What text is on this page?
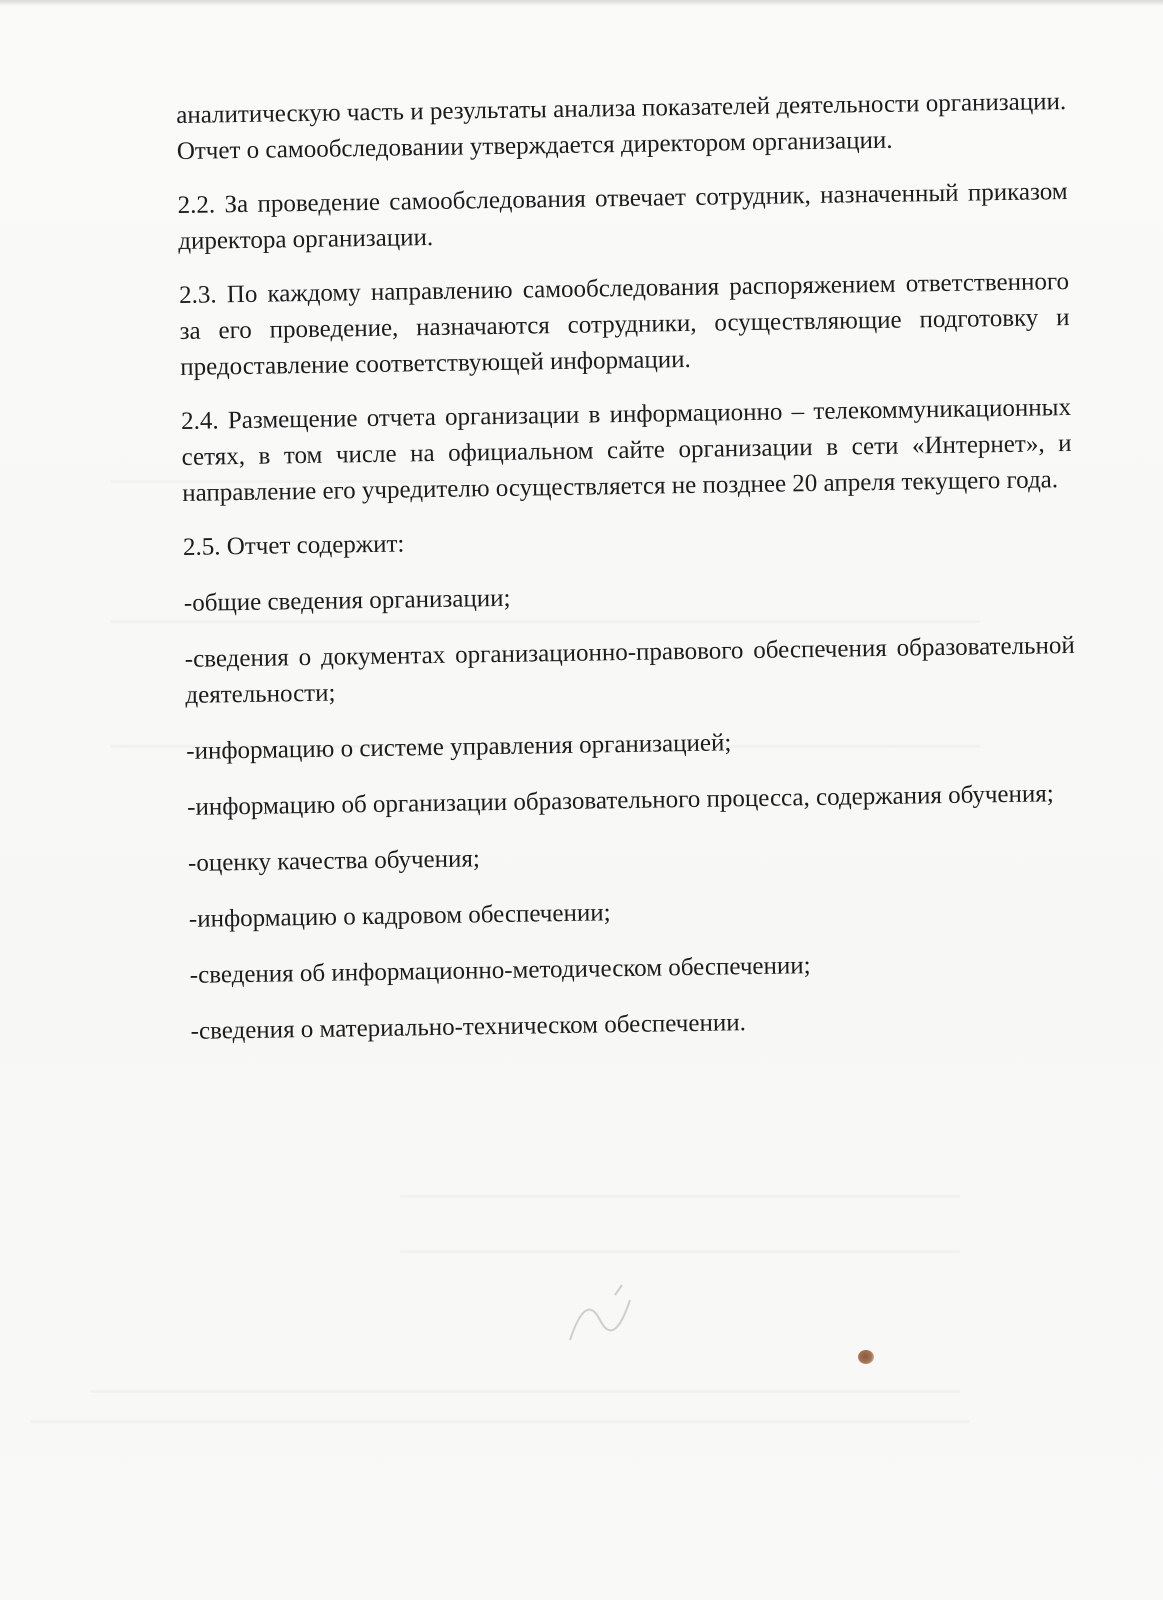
аналитическую часть и результаты анализа показателей деятельности организации. Отчет о самообследовании утверждается директором организации.

2.2. За проведение самообследования отвечает сотрудник, назначенный приказом директора организации.

2.3. По каждому направлению самообследования распоряжением ответственного за его проведение, назначаются сотрудники, осуществляющие подготовку и предоставление соответствующей информации.

2.4. Размещение отчета организации в информационно – телекоммуникационных сетях, в том числе на официальном сайте организации в сети «Интернет», и направление его учредителю осуществляется не позднее 20 апреля текущего года.

2.5. Отчет содержит:

-общие сведения организации;

-сведения о документах организационно-правового обеспечения образовательной деятельности;

-информацию о системе управления организацией;

-информацию об организации образовательного процесса, содержания обучения;

-оценку качества обучения;

-информацию о кадровом обеспечении;

-сведения об информационно-методическом обеспечении;

-сведения о материально-техническом обеспечении.
